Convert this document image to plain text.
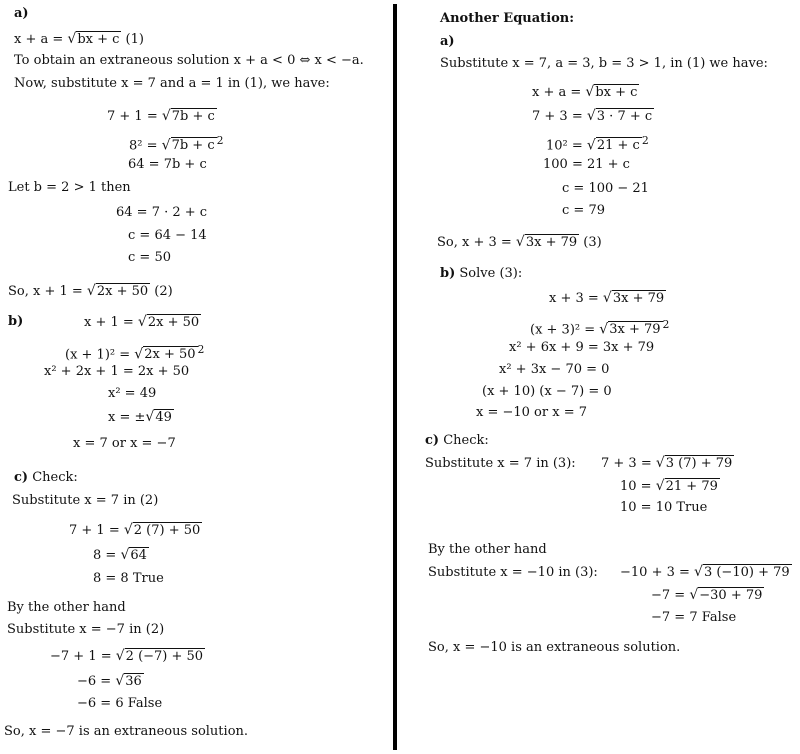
a)
x + a = √bx + c (1)
To obtain an extraneous solution x + a < 0 ⇔ x < −a.
Now, substitute x = 7 and a = 1 in (1), we have:
7 + 1 = √7b + c
8² = √7b + c $^2$
64 = 7b + c
Let b = 2 > 1 then
64 = 7 · 2 + c
c = 64 − 14
c = 50
So, x + 1 = √2x + 50 (2)
b)	x + 1 = √2x + 50
(x + 1)² = √2x + 50 $^2$
x² + 2x + 1 = 2x + 50
x² = 49
x = ±√49
x = 7 or x = −7
c) Check:
Substitute x = 7 in (2)
7 + 1 = √2 (7) + 50
8 = √64
8 = 8 True
By the other hand
Substitute x = −7 in (2)
−7 + 1 = √2 (−7) + 50
−6 = √36
−6 = 6 False
So, x = −7 is an extraneous solution.
Another Equation:
a)
Substitute x = 7, a = 3, b = 3 > 1, in (1) we have:
x + a = √bx + c
7 + 3 = √3 · 7 + c
10² = √21 + c $^2$
100 = 21 + c
c = 100 − 21
c = 79
So, x + 3 = √3x + 79 (3)
b) Solve (3):
x + 3 = √3x + 79
(x + 3)² = √3x + 79 $^2$
x² + 6x + 9 = 3x + 79
x² + 3x − 70 = 0
(x + 10) (x − 7) = 0
x = −10 or x = 7
c) Check:
Substitute x = 7 in (3): 7 + 3 = √3 (7) + 79
10 = √21 + 79
10 = 10 True
By the other hand
Substitute x = −10 in (3): −10 + 3 = √3 (−10) + 79
−7 = √−30 + 79
−7 = 7 False
So, x = −10 is an extraneous solution.
